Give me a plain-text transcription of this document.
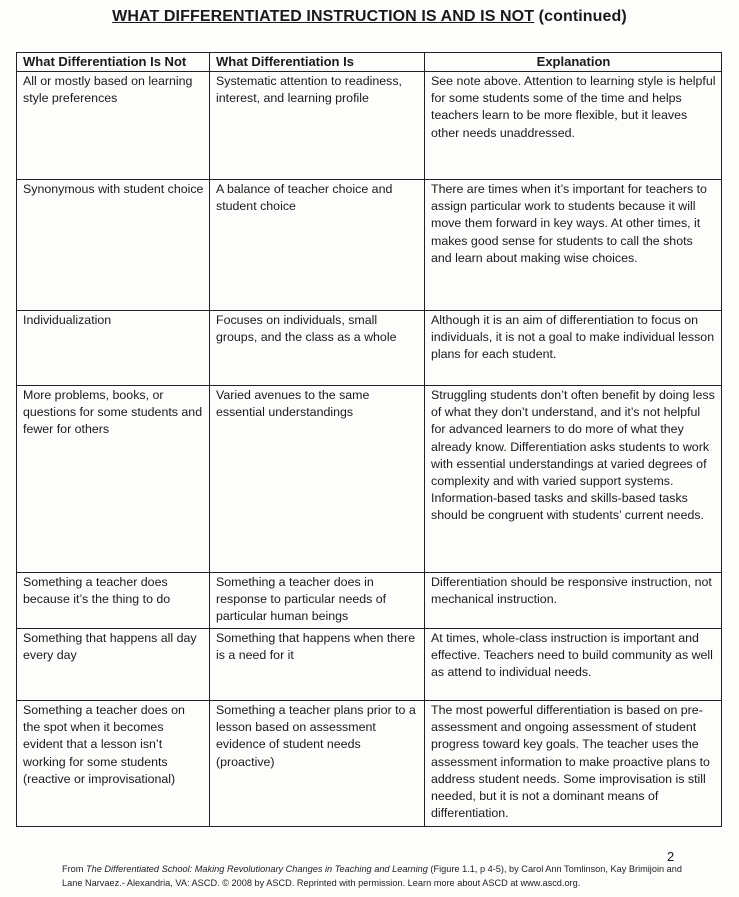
WHAT DIFFERENTIATED INSTRUCTION IS AND IS NOT (continued)
What Differentiation Is Not	What Differentiation Is	Explanation
All or mostly based on learning style preferences	Systematic attention to readiness, interest, and learning profile	See note above. Attention to learning style is helpful for some students some of the time and helps teachers learn to be more flexible, but it leaves other needs unaddressed.
Synonymous with student choice	A balance of teacher choice and student choice	There are times when it’s important for teachers to assign particular work to students because it will move them forward in key ways. At other times, it makes good sense for students to call the shots and learn about making wise choices.
Individualization	Focuses on individuals, small groups, and the class as a whole	Although it is an aim of differentiation to focus on individuals, it is not a goal to make individual lesson plans for each student.
More problems, books, or questions for some students and fewer for others	Varied avenues to the same essential understandings	Struggling students don’t often benefit by doing less of what they don’t understand, and it’s not helpful for advanced learners to do more of what they already know. Differentiation asks students to work with essential understandings at varied degrees of complexity and with varied support systems. Information-based tasks and skills-based tasks should be congruent with students’ current needs.
Something a teacher does because it’s the thing to do	Something a teacher does in response to particular needs of particular human beings	Differentiation should be responsive instruction, not mechanical instruction.
Something that happens all day every day	Something that happens when there is a need for it	At times, whole-class instruction is important and effective. Teachers need to build community as well as attend to individual needs.
Something a teacher does on the spot when it becomes evident that a lesson isn’t working for some students (reactive or improvisational)	Something a teacher plans prior to a lesson based on assessment evidence of student needs (proactive)	The most powerful differentiation is based on pre-assessment and ongoing assessment of student progress toward key goals. The teacher uses the assessment information to make proactive plans to address student needs. Some improvisation is still needed, but it is not a dominant means of differentiation.
2
From The Differentiated School: Making Revolutionary Changes in Teaching and Learning (Figure 1.1, p 4-5), by Carol Ann Tomlinson, Kay Brimijoin and Lane Narvaez.- Alexandria, VA: ASCD. © 2008 by ASCD. Reprinted with permission. Learn more about ASCD at www.ascd.org.
